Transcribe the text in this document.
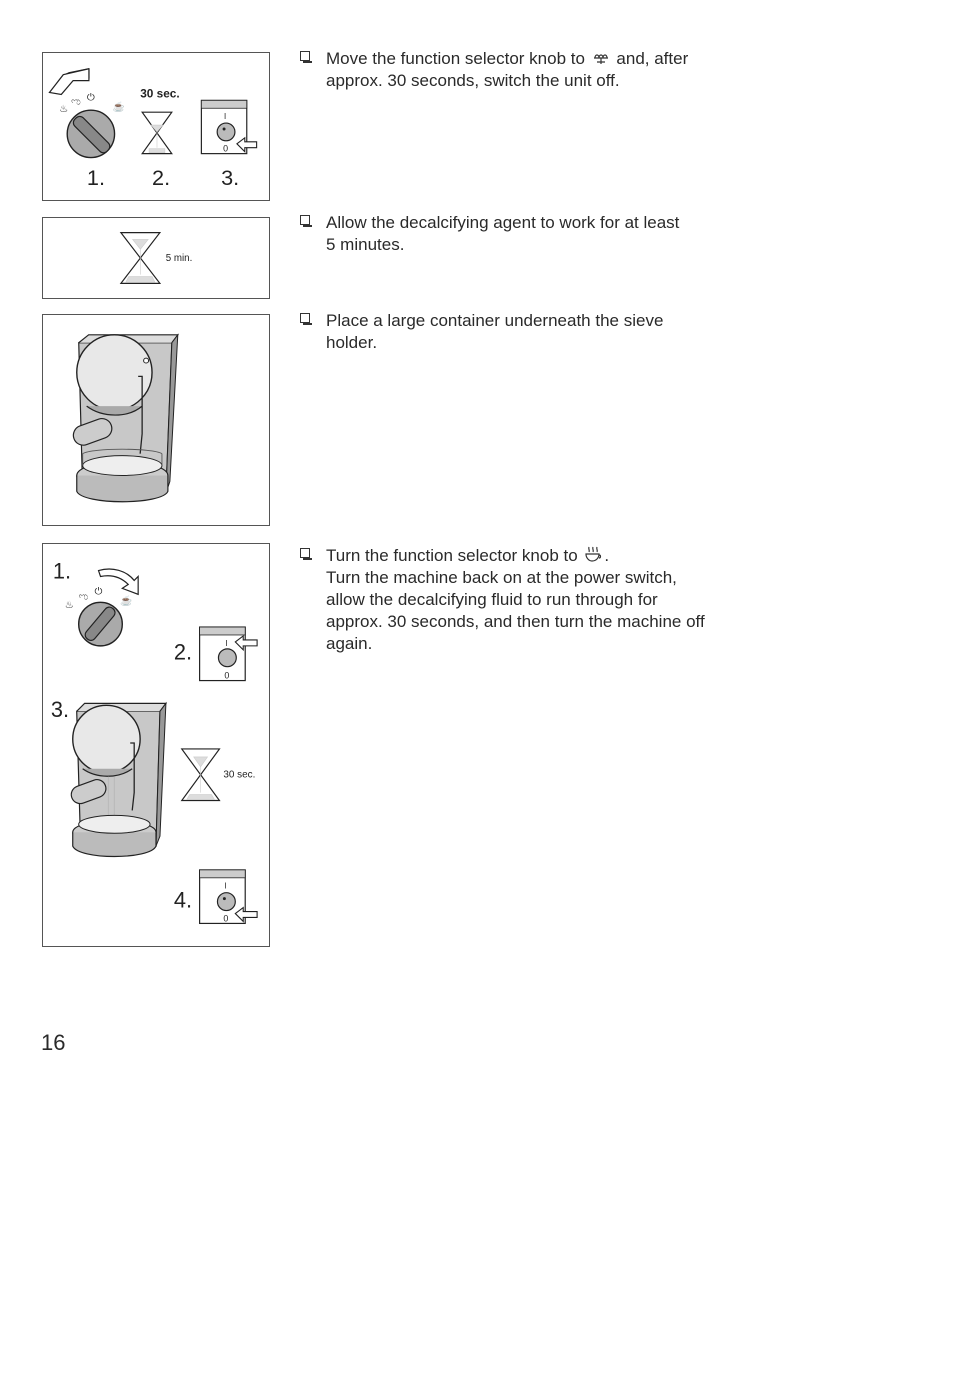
♨
ಌ ⏻
☕
30 sec.
I
0
1. 2. 3.
5 min.
1.
♨
ಌ ⏻
☕
2.	I
0
3.
30 sec.
4.
I
0
Move the function selector knob to and, after
approx. 30 seconds, switch the unit off.
Allow the decalcifying agent to work for at least
5 minutes.
Place a large container underneath the sieve
holder.
Turn the function selector knob to .
Turn the machine back on at the power switch,
allow the decalcifying fluid to run through for
approx. 30 seconds, and then turn the machine off
again.
16
